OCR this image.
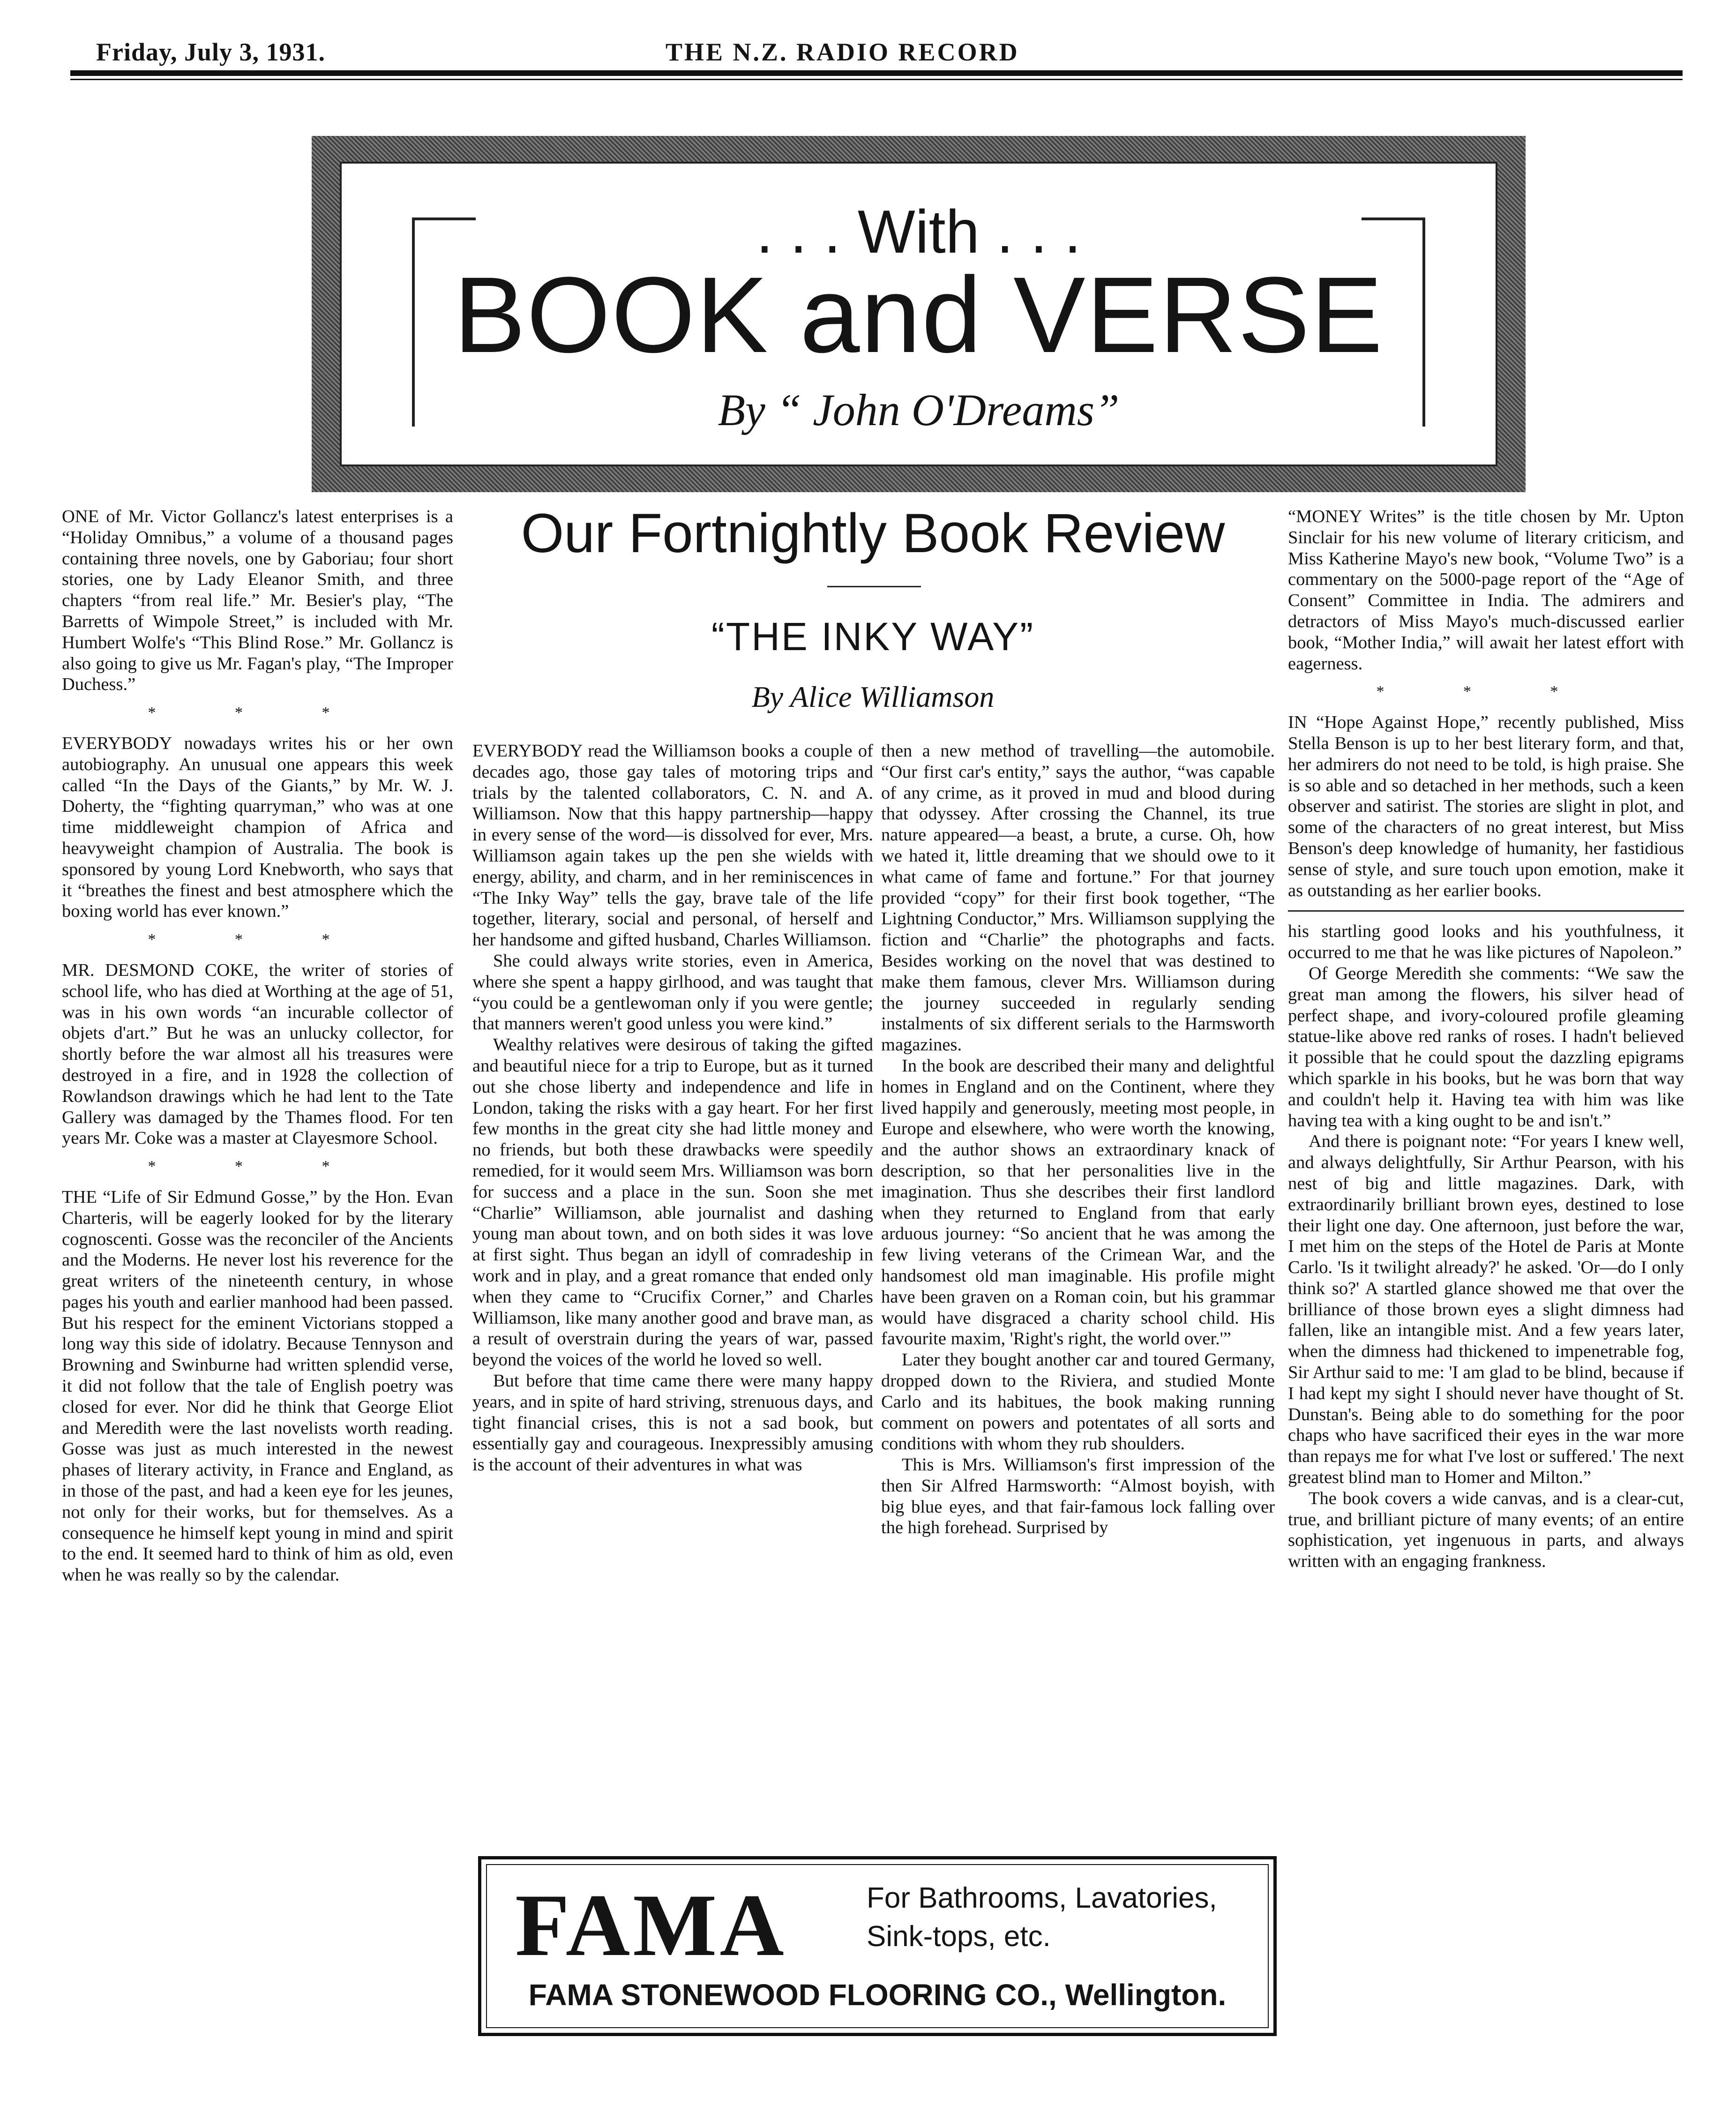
Friday, July 3, 1931.	THE N.Z. RADIO RECORD
. . . With . . .
BOOK and VERSE
By “ John O'Dreams”
Our Fortnightly Book Review
“THE INKY WAY”
By Alice Williamson

ONE of Mr. Victor Gollancz's latest enterprises is a “Holiday Omnibus,” a volume of a thousand pages containing three novels, one by Gaboriau; four short stories, one by Lady Eleanor Smith, and three chapters “from real life.” Mr. Besier's play, “The Barretts of Wimpole Street,” is included with Mr. Humbert Wolfe's “This Blind Rose.” Mr. Gollancz is also going to give us Mr. Fagan's play, “The Improper Duchess.”

* * *

EVERYBODY nowadays writes his or her own autobiography. An unusual one appears this week called “In the Days of the Giants,” by Mr. W. J. Doherty, the “fighting quarryman,” who was at one time middleweight champion of Africa and heavyweight champion of Australia. The book is sponsored by young Lord Knebworth, who says that it “breathes the finest and best atmosphere which the boxing world has ever known.”

* * *

MR. DESMOND COKE, the writer of stories of school life, who has died at Worthing at the age of 51, was in his own words “an incurable collector of objets d'art.” But he was an unlucky collector, for shortly before the war almost all his treasures were destroyed in a fire, and in 1928 the collection of Rowlandson drawings which he had lent to the Tate Gallery was damaged by the Thames flood. For ten years Mr. Coke was a master at Clayesmore School.

* * *

THE “Life of Sir Edmund Gosse,” by the Hon. Evan Charteris, will be eagerly looked for by the literary cognoscenti. Gosse was the reconciler of the Ancients and the Moderns. He never lost his reverence for the great writers of the nineteenth century, in whose pages his youth and earlier manhood had been passed. But his respect for the eminent Victorians stopped a long way this side of idolatry. Because Tennyson and Browning and Swinburne had written splendid verse, it did not follow that the tale of English poetry was closed for ever. Nor did he think that George Eliot and Meredith were the last novelists worth reading. Gosse was just as much interested in the newest phases of literary activity, in France and England, as in those of the past, and had a keen eye for les jeunes, not only for their works, but for themselves. As a consequence he himself kept young in mind and spirit to the end. It seemed hard to think of him as old, even when he was really so by the calendar.

EVERYBODY read the Williamson books a couple of decades ago, those gay tales of motoring trips and trials by the talented collaborators, C. N. and A. Williamson. Now that this happy partnership—happy in every sense of the word—is dissolved for ever, Mrs. Williamson again takes up the pen she wields with energy, ability, and charm, and in her reminiscences in “The Inky Way” tells the gay, brave tale of the life together, literary, social and personal, of herself and her handsome and gifted husband, Charles Williamson.

She could always write stories, even in America, where she spent a happy girlhood, and was taught that “you could be a gentlewoman only if you were gentle; that manners weren't good unless you were kind.”

Wealthy relatives were desirous of taking the gifted and beautiful niece for a trip to Europe, but as it turned out she chose liberty and independence and life in London, taking the risks with a gay heart. For her first few months in the great city she had little money and no friends, but both these drawbacks were speedily remedied, for it would seem Mrs. Williamson was born for success and a place in the sun. Soon she met “Charlie” Williamson, able journalist and dashing young man about town, and on both sides it was love at first sight. Thus began an idyll of comradeship in work and in play, and a great romance that ended only when they came to “Crucifix Corner,” and Charles Williamson, like many another good and brave man, as a result of overstrain during the years of war, passed beyond the voices of the world he loved so well.

But before that time came there were many happy years, and in spite of hard striving, strenuous days, and tight financial crises, this is not a sad book, but essentially gay and courageous. Inexpressibly amusing is the account of their adventures in what was

then a new method of travelling—the automobile. “Our first car's entity,” says the author, “was capable of any crime, as it proved in mud and blood during that odyssey. After crossing the Channel, its true nature appeared—a beast, a brute, a curse. Oh, how we hated it, little dreaming that we should owe to it what came of fame and fortune.” For that journey provided “copy” for their first book together, “The Lightning Conductor,” Mrs. Williamson supplying the fiction and “Charlie” the photographs and facts. Besides working on the novel that was destined to make them famous, clever Mrs. Williamson during the journey succeeded in regularly sending instalments of six different serials to the Harmsworth magazines.

In the book are described their many and delightful homes in England and on the Continent, where they lived happily and generously, meeting most people, in Europe and elsewhere, who were worth the knowing, and the author shows an extraordinary knack of description, so that her personalities live in the imagination. Thus she describes their first landlord when they returned to England from that early arduous journey: “So ancient that he was among the few living veterans of the Crimean War, and the handsomest old man imaginable. His profile might have been graven on a Roman coin, but his grammar would have disgraced a charity school child. His favourite maxim, 'Right's right, the world over.'”

Later they bought another car and toured Germany, dropped down to the Riviera, and studied Monte Carlo and its habitues, the book making running comment on powers and potentates of all sorts and conditions with whom they rub shoulders.

This is Mrs. Williamson's first impression of the then Sir Alfred Harmsworth: “Almost boyish, with big blue eyes, and that fair-famous lock falling over the high forehead. Surprised by

“MONEY Writes” is the title chosen by Mr. Upton Sinclair for his new volume of literary criticism, and Miss Katherine Mayo's new book, “Volume Two” is a commentary on the 5000-page report of the “Age of Consent” Committee in India. The admirers and detractors of Miss Mayo's much-discussed earlier book, “Mother India,” will await her latest effort with eagerness.

* * *

IN “Hope Against Hope,” recently published, Miss Stella Benson is up to her best literary form, and that, her admirers do not need to be told, is high praise. She is so able and so detached in her methods, such a keen observer and satirist. The stories are slight in plot, and some of the characters of no great interest, but Miss Benson's deep knowledge of humanity, her fastidious sense of style, and sure touch upon emotion, make it as outstanding as her earlier books.

his startling good looks and his youthfulness, it occurred to me that he was like pictures of Napoleon.”

Of George Meredith she comments: “We saw the great man among the flowers, his silver head of perfect shape, and ivory-coloured profile gleaming statue-like above red ranks of roses. I hadn't believed it possible that he could spout the dazzling epigrams which sparkle in his books, but he was born that way and couldn't help it. Having tea with him was like having tea with a king ought to be and isn't.”

And there is poignant note: “For years I knew well, and always delightfully, Sir Arthur Pearson, with his nest of big and little magazines. Dark, with extraordinarily brilliant brown eyes, destined to lose their light one day. One afternoon, just before the war, I met him on the steps of the Hotel de Paris at Monte Carlo. 'Is it twilight already?' he asked. 'Or—do I only think so?' A startled glance showed me that over the brilliance of those brown eyes a slight dimness had fallen, like an intangible mist. And a few years later, when the dimness had thickened to impenetrable fog, Sir Arthur said to me: 'I am glad to be blind, because if I had kept my sight I should never have thought of St. Dunstan's. Being able to do something for the poor chaps who have sacrificed their eyes in the war more than repays me for what I've lost or suffered.' The next greatest blind man to Homer and Milton.”

The book covers a wide canvas, and is a clear-cut, true, and brilliant picture of many events; of an entire sophistication, yet ingenuous in parts, and always written with an engaging frankness.

FAMA	For Bathrooms, Lavatories,
Sink-tops, etc.
FAMA STONEWOOD FLOORING CO., Wellington.
